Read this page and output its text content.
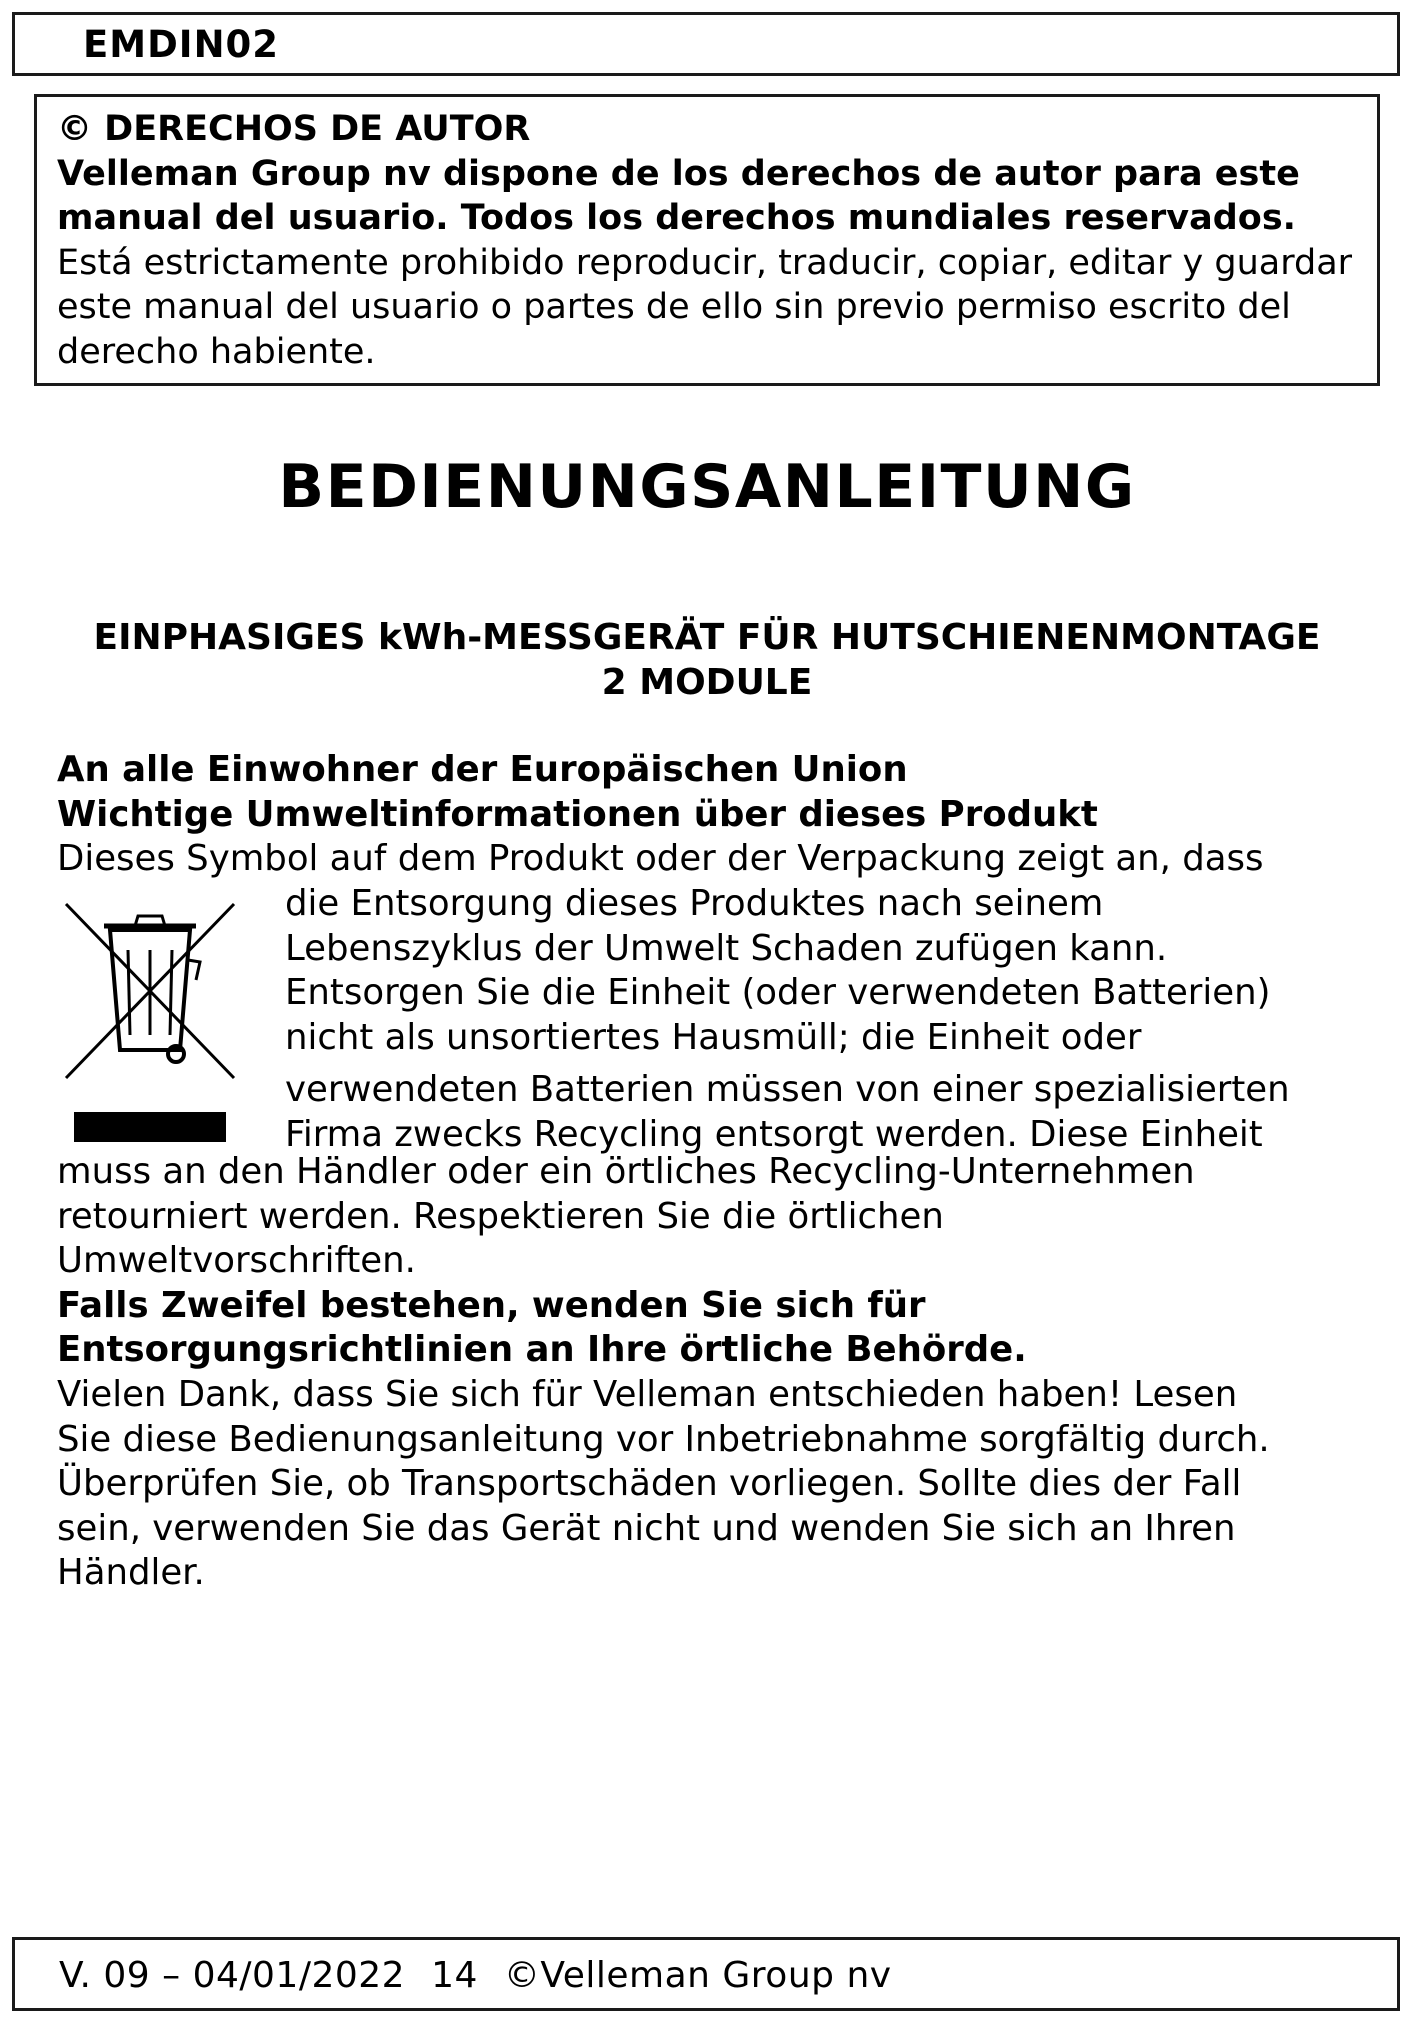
EMDIN02

© DERECHOS DE AUTOR

Velleman Group nv dispone de los derechos de autor para este manual del usuario. Todos los derechos mundiales reservados. Está estrictamente prohibido reproducir, traducir, copiar, editar y guardar este manual del usuario o partes de ello sin previo permiso escrito del derecho habiente.

BEDIENUNGSANLEITUNG
EINPHASIGES kWh-MESSGERÄT FÜR HUTSCHIENENMONTAGE
2 MODULE

An alle Einwohner der Europäischen Union

Wichtige Umweltinformationen über dieses Produkt

Dieses Symbol auf dem Produkt oder der Verpackung zeigt an, dass

die Entsorgung dieses Produktes nach seinem

Lebenszyklus der Umwelt Schaden zufügen kann.

Entsorgen Sie die Einheit (oder verwendeten Batterien)

nicht als unsortiertes Hausmüll; die Einheit oder

verwendeten Batterien müssen von einer spezialisierten

Firma zwecks Recycling entsorgt werden. Diese Einheit

muss an den Händler oder ein örtliches Recycling-Unternehmen

retourniert werden. Respektieren Sie die örtlichen

Umweltvorschriften.

Falls Zweifel bestehen, wenden Sie sich für

Entsorgungsrichtlinien an Ihre örtliche Behörde.

Vielen Dank, dass Sie sich für Velleman entschieden haben! Lesen

Sie diese Bedienungsanleitung vor Inbetriebnahme sorgfältig durch.

Überprüfen Sie, ob Transportschäden vorliegen. Sollte dies der Fall

sein, verwenden Sie das Gerät nicht und wenden Sie sich an Ihren

Händler.

V. 09 – 04/01/2022 14 ©Velleman Group nv
